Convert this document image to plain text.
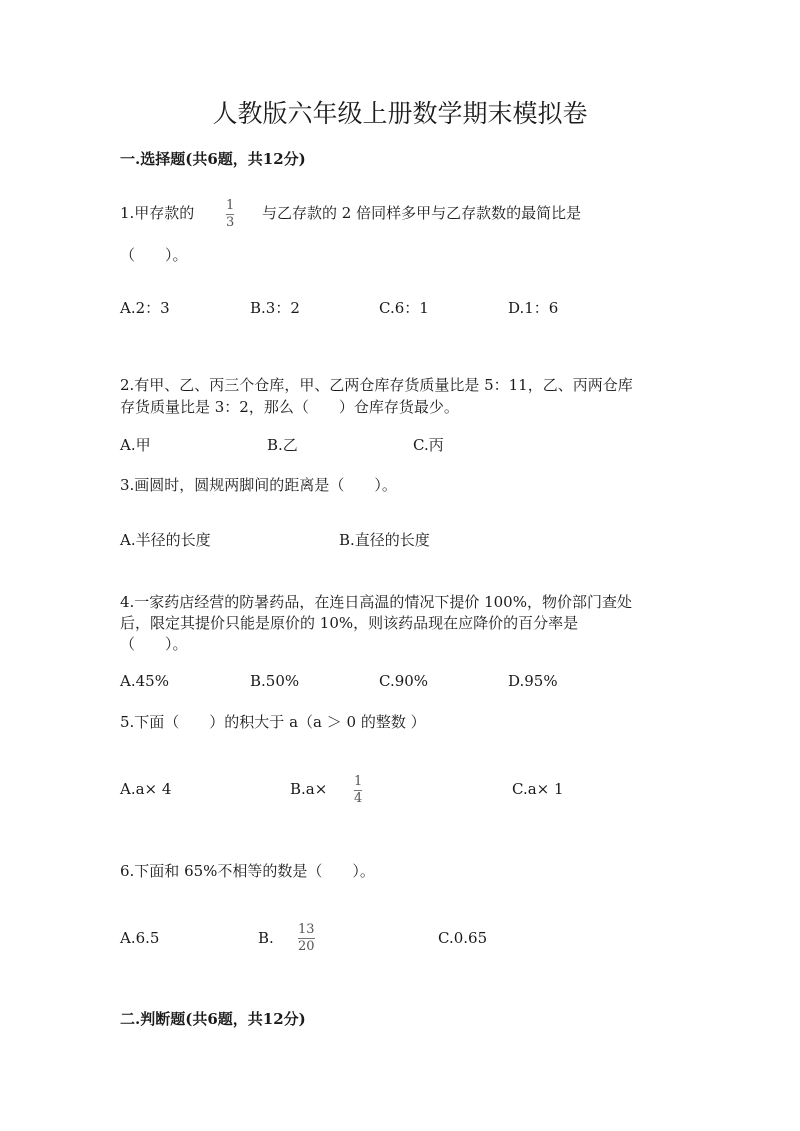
人教版六年级上册数学期末模拟卷
一.选择题(共6题，共12分)
1.甲存款的 1
3
与乙存款的 2 倍同样多甲与乙存款数的最简比是
（　　）。
A.2：3	B.3：2	C.6：1	D.1：6
2.有甲、乙、丙三个仓库，甲、乙两仓库存货质量比是 5：11，乙、丙两仓库
存货质量比是 3：2，那么（　　）仓库存货最少。
A.甲	B.乙	C.丙
3.画圆时，圆规两脚间的距离是（　　）。
A.半径的长度	B.直径的长度
4.一家药店经营的防暑药品，在连日高温的情况下提价 100%，物价部门查处
后，限定其提价只能是原价的 10%，则该药品现在应降价的百分率是
（　　）。
A.45%	B.50%	C.90%	D.95%
5.下面（　　）的积大于 a（a ＞ 0 的整数 ）
A.a× 4	B.a× 1
4
C.a× 1
6.下面和 65%不相等的数是（　　）。
A.6.5	B. 13
20	C.0.65
二.判断题(共6题，共12分)
